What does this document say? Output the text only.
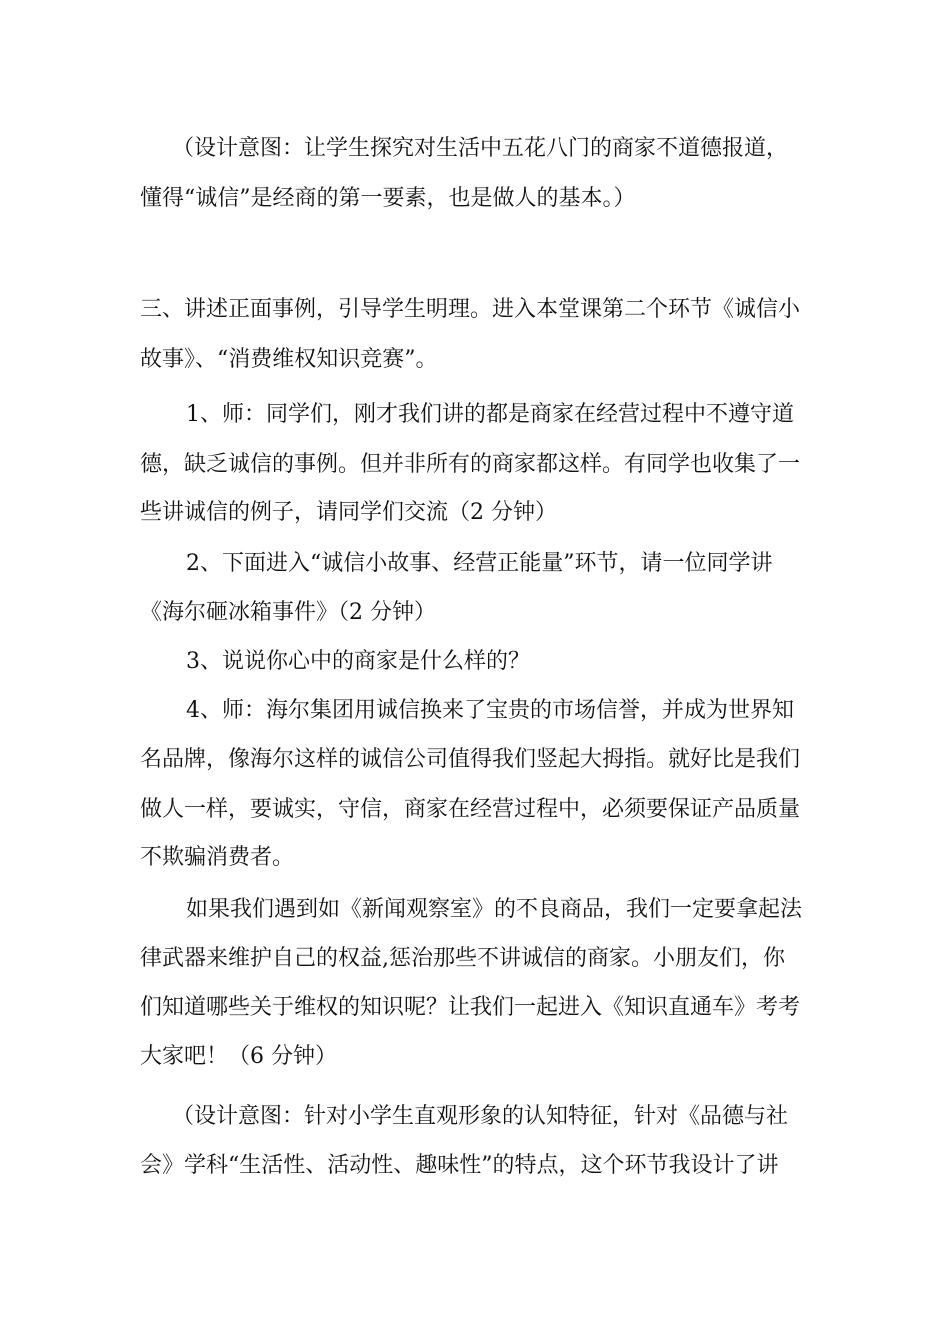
（设计意图：让学生探究对生活中五花八门的商家不道德报道，
懂得“诚信”是经商的第一要素，也是做人的基本。）
三、讲述正面事例，引导学生明理。进入本堂课第二个环节《诚信小
故事》、“消费维权知识竞赛”。
1、师：同学们，刚才我们讲的都是商家在经营过程中不遵守道
德，缺乏诚信的事例。但并非所有的商家都这样。有同学也收集了一
些讲诚信的例子，请同学们交流（2 分钟）
2、下面进入“诚信小故事、经营正能量”环节，请一位同学讲
《海尔砸冰箱事件》（2 分钟）
3、说说你心中的商家是什么样的？
4、师：海尔集团用诚信换来了宝贵的市场信誉，并成为世界知
名品牌，像海尔这样的诚信公司值得我们竖起大拇指。就好比是我们
做人一样，要诚实，守信，商家在经营过程中，必须要保证产品质量
不欺骗消费者。
如果我们遇到如《新闻观察室》的不良商品，我们一定要拿起法
律武器来维护自己的权益,惩治那些不讲诚信的商家。小朋友们，你
们知道哪些关于维权的知识呢？让我们一起进入《知识直通车》考考
大家吧！（6 分钟）
（设计意图：针对小学生直观形象的认知特征，针对《品德与社
会》学科“生活性、活动性、趣味性”的特点，这个环节我设计了讲
